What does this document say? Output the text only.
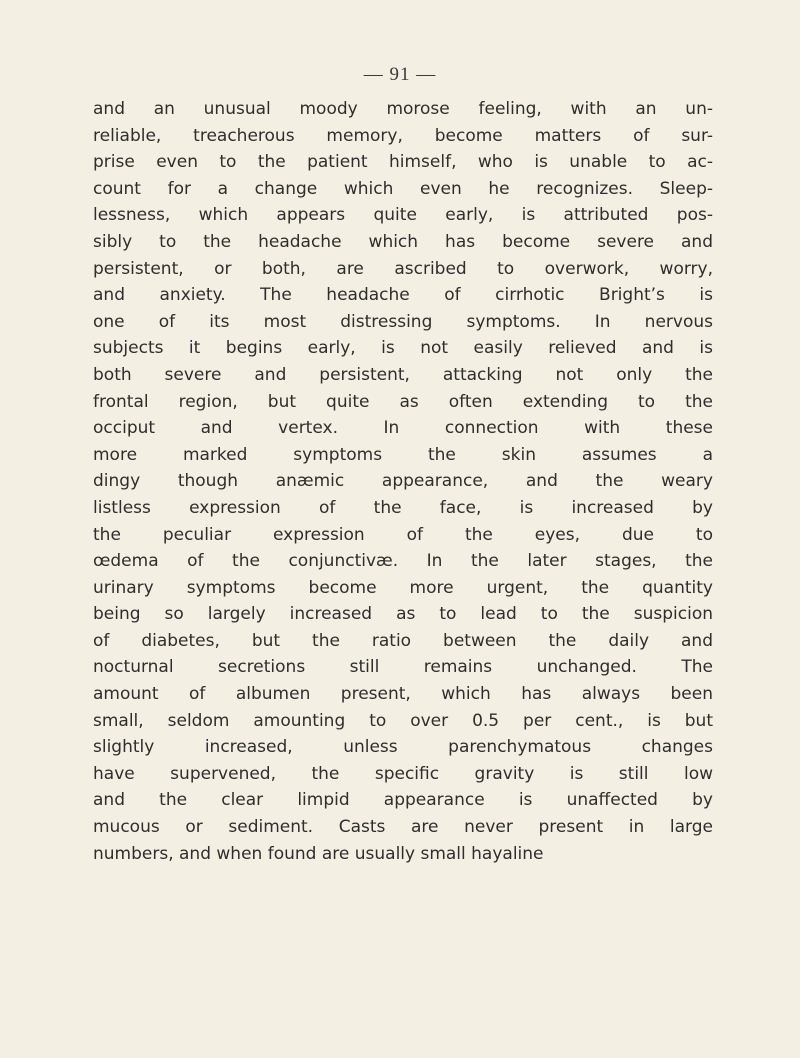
— 91 —
and an unusual moody morose feeling, with an un-
reliable, treacherous memory, become matters of sur-
prise even to the patient himself, who is unable to ac-
count for a change which even he recognizes. Sleep-
lessness, which appears quite early, is attributed pos-
sibly to the headache which has become severe and
persistent, or both, are ascribed to overwork, worry,
and anxiety. The headache of cirrhotic Bright’s is
one of its most distressing symptoms. In nervous
subjects it begins early, is not easily relieved and is
both severe and persistent, attacking not only the
frontal region, but quite as often extending to the
occiput and vertex. In connection with these
more marked symptoms the skin assumes a
dingy though anæmic appearance, and the weary
listless expression of the face, is increased by
the peculiar expression of the eyes, due to
œdema of the conjunctivæ. In the later stages, the
urinary symptoms become more urgent, the quantity
being so largely increased as to lead to the suspicion
of diabetes, but the ratio between the daily and
nocturnal secretions still remains unchanged. The
amount of albumen present, which has always been
small, seldom amounting to over 0.5 per cent., is but
slightly increased, unless parenchymatous changes
have supervened, the specific gravity is still low
and the clear limpid appearance is unaffected by
mucous or sediment. Casts are never present in large
numbers, and when found are usually small hayaline
